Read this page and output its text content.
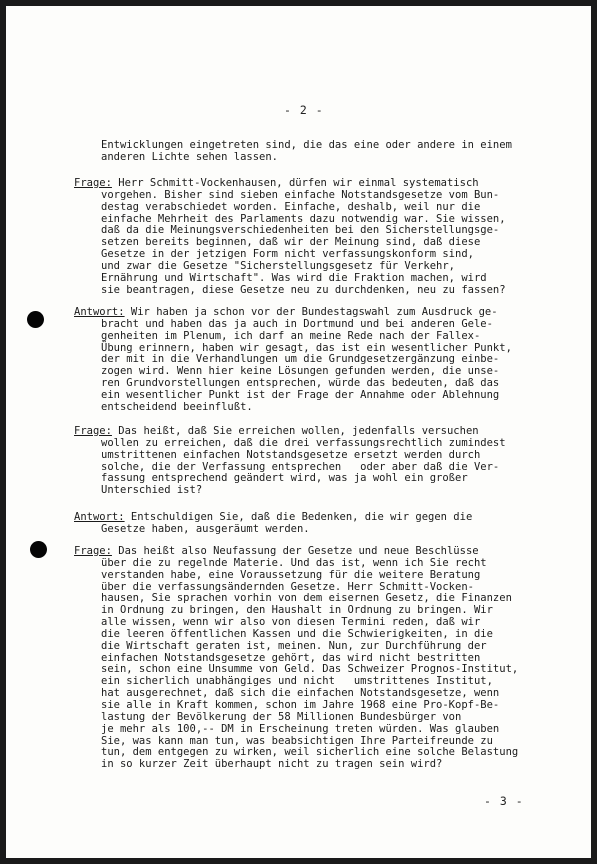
- 2 -
Entwicklungen eingetreten sind, die das eine oder andere in einem
anderen Lichte sehen lassen.
Frage: Herr Schmitt-Vockenhausen, dürfen wir einmal systematisch
vorgehen. Bisher sind sieben einfache Notstandsgesetze vom Bun-
destag verabschiedet worden. Einfache, deshalb, weil nur die
einfache Mehrheit des Parlaments dazu notwendig war. Sie wissen,
daß da die Meinungsverschiedenheiten bei den Sicherstellungsge-
setzen bereits beginnen, daß wir der Meinung sind, daß diese
Gesetze in der jetzigen Form nicht verfassungskonform sind,
und zwar die Gesetze "Sicherstellungsgesetz für Verkehr,
Ernährung und Wirtschaft". Was wird die Fraktion machen, wird
sie beantragen, diese Gesetze neu zu durchdenken, neu zu fassen?
Antwort: Wir haben ja schon vor der Bundestagswahl zum Ausdruck ge-
bracht und haben das ja auch in Dortmund und bei anderen Gele-
genheiten im Plenum, ich darf an meine Rede nach der Fallex-
Übung erinnern, haben wir gesagt, das ist ein wesentlicher Punkt,
der mit in die Verhandlungen um die Grundgesetzergänzung einbe-
zogen wird. Wenn hier keine Lösungen gefunden werden, die unse-
ren Grundvorstellungen entsprechen, würde das bedeuten, daß das
ein wesentlicher Punkt ist der Frage der Annahme oder Ablehnung
entscheidend beeinflußt.
Frage: Das heißt, daß Sie erreichen wollen, jedenfalls versuchen
wollen zu erreichen, daß die drei verfassungsrechtlich zumindest
umstrittenen einfachen Notstandsgesetze ersetzt werden durch
solche, die der Verfassung entsprechen   oder aber daß die Ver-
fassung entsprechend geändert wird, was ja wohl ein großer
Unterschied ist?
Antwort: Entschuldigen Sie, daß die Bedenken, die wir gegen die
Gesetze haben, ausgeräumt werden.
Frage: Das heißt also Neufassung der Gesetze und neue Beschlüsse
über die zu regelnde Materie. Und das ist, wenn ich Sie recht
verstanden habe, eine Voraussetzung für die weitere Beratung
über die verfassungsändernden Gesetze. Herr Schmitt-Vocken-
hausen, Sie sprachen vorhin von dem eisernen Gesetz, die Finanzen
in Ordnung zu bringen, den Haushalt in Ordnung zu bringen. Wir
alle wissen, wenn wir also von diesen Termini reden, daß wir
die leeren öffentlichen Kassen und die Schwierigkeiten, in die
die Wirtschaft geraten ist, meinen. Nun, zur Durchführung der
einfachen Notstandsgesetze gehört, das wird nicht bestritten
sein, schon eine Unsumme von Geld. Das Schweizer Prognos-Institut,
ein sicherlich unabhängiges und nicht   umstrittenes Institut,
hat ausgerechnet, daß sich die einfachen Notstandsgesetze, wenn
sie alle in Kraft kommen, schon im Jahre 1968 eine Pro-Kopf-Be-
lastung der Bevölkerung der 58 Millionen Bundesbürger von
je mehr als 100,-- DM in Erscheinung treten würden. Was glauben
Sie, was kann man tun, was beabsichtigen Ihre Parteifreunde zu
tun, dem entgegen zu wirken, weil sicherlich eine solche Belastung
in so kurzer Zeit überhaupt nicht zu tragen sein wird?
- 3 -
